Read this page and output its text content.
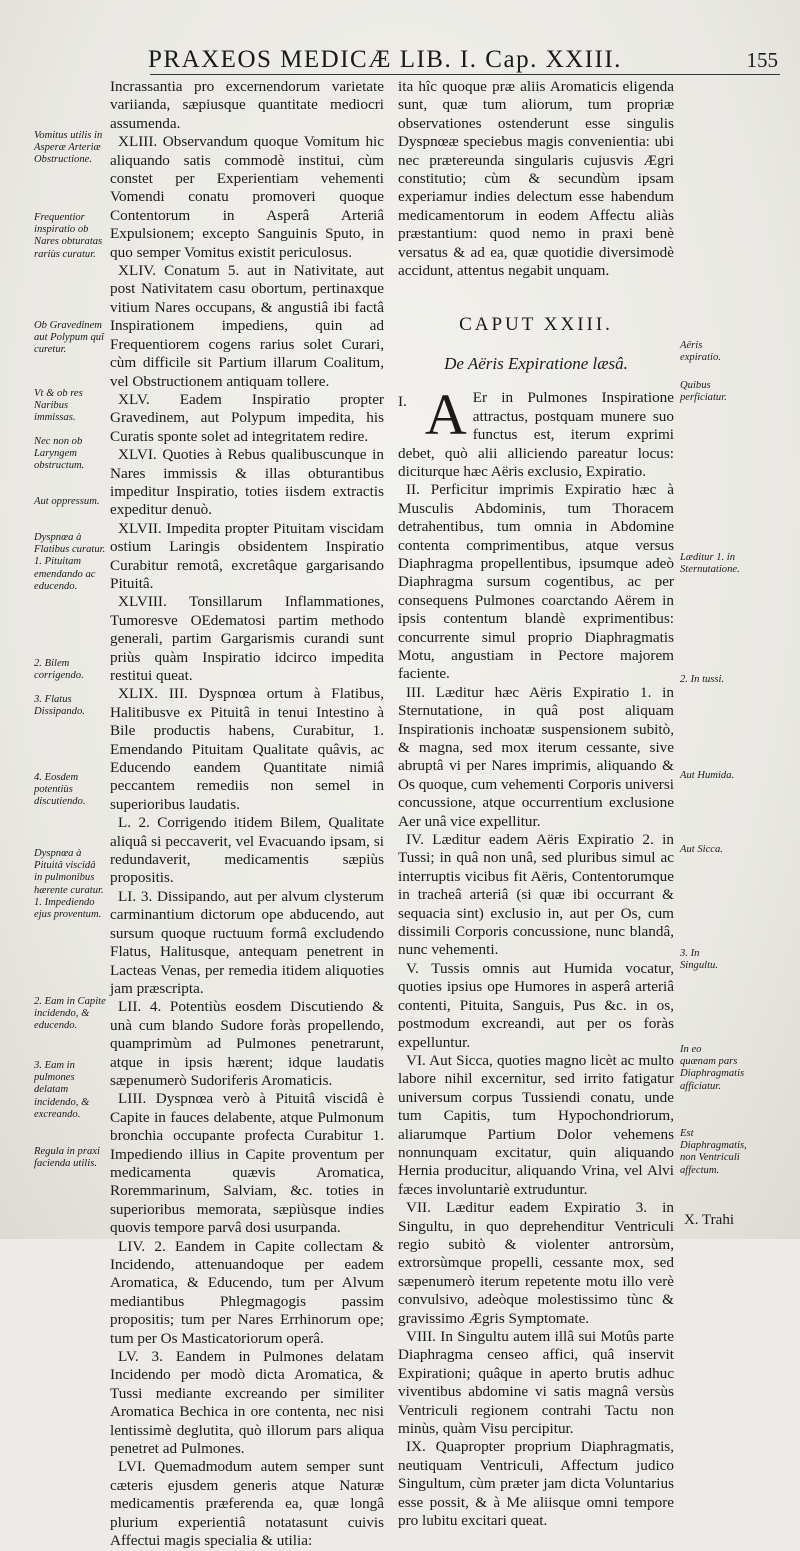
PRAXEOS MEDICÆ LIB. I. Cap. XXIII.	155
Vomitus utilis in Asperæ Arteriæ Obstructione.
Frequentior inspiratio ob Nares obturatas rariùs curatur.
Ob Gravedinem aut Polypum quî curetur.
Vt & ob res Naribus immissas.
Nec non ob Laryngem obstructum.
Aut oppressum.
Dyspnœa à Flatibus curatur. 1. Pituitam emendando ac educendo.
2. Bilem corrigendo.
3. Flatus Dissipando.
4. Eosdem potentiùs discutiendo.
Dyspnœa à Pituitâ viscidâ in pulmonibus hærente curatur. 1. Impediendo ejus proventum.
2. Eam in Capite incidendo, & educendo.
3. Eam in pulmones delatam incidendo, & excreando.
Regula in praxi facienda utilis.
Aëris expiratio.
Quibus perficiatur.
Læditur 1. in Sternutatione.
2. In tussi.
Aut Humida.
Aut Sicca.
3. In Singultu.
In eo quænam pars Diaphragmatis afficiatur.
Est Diaphragmatis, non Ventriculi affectum.

Incrassantia pro excernendorum varietate variianda, sæpiusque quantitate mediocri assumenda.

XLIII. Observandum quoque Vomitum hic aliquando satis commodè institui, cùm constet per Experientiam vehementi Vomendi conatu promoveri quoque Contentorum in Asperâ Arteriâ Expulsionem; excepto Sanguinis Sputo, in quo semper Vomitus existit periculosus.

XLIV. Conatum 5. aut in Nativitate, aut post Nativitatem casu obortum, pertinaxque vitium Nares occupans, & angustiâ ibi factâ Inspirationem impediens, quin ad Frequentiorem cogens rarius solet Curari, cùm difficile sit Partium illarum Coalitum, vel Obstructionem antiquam tollere.

XLV. Eadem Inspiratio propter Gravedinem, aut Polypum impedita, his Curatis sponte solet ad integritatem redire.

XLVI. Quoties à Rebus qualibuscunque in Nares immissis & illas obturantibus impeditur Inspiratio, toties iisdem extractis expeditur denuò.

XLVII. Impedita propter Pituitam viscidam ostium Laringis obsidentem Inspiratio Curabitur remotâ, excretâque gargarisando Pituitâ.

XLVIII. Tonsillarum Inflammationes, Tumoresve OEdematosi partim methodo generali, partim Gargarismis curandi sunt priùs quàm Inspiratio idcirco impedita restitui queat.

XLIX. III. Dyspnœa ortum à Flatibus, Halitibusve ex Pituitâ in tenui Intestino à Bile productis habens, Curabitur, 1. Emendando Pituitam Qualitate quâvis, ac Educendo eandem Quantitate nimiâ peccantem remediis non semel in superioribus laudatis.

L. 2. Corrigendo itidem Bilem, Qualitate aliquâ si peccaverit, vel Evacuando ipsam, si redundaverit, medicamentis sæpiùs propositis.

LI. 3. Dissipando, aut per alvum clysterum carminantium dictorum ope abducendo, aut sursum quoque ructuum formâ excludendo Flatus, Halitusque, antequam penetrent in Lacteas Venas, per remedia itidem aliquoties jam præscripta.

LII. 4. Potentiùs eosdem Discutiendo & unà cum blando Sudore foràs propellendo, quamprimùm ad Pulmones penetrarunt, atque in ipsis hærent; idque laudatis sæpenumerò Sudoriferis Aromaticis.

LIII. Dyspnœa verò à Pituitâ viscidâ è Capite in fauces delabente, atque Pulmonum bronchia occupante profecta Curabitur 1. Impediendo illius in Capite proventum per medicamenta quævis Aromatica, Roremmarinum, Salviam, &c. toties in superioribus memorata, sæpiùsque indies quovis tempore parvâ dosi usurpanda.

LIV. 2. Eandem in Capite collectam & Incidendo, attenuandoque per eadem Aromatica, & Educendo, tum per Alvum mediantibus Phlegmagogis passim propositis; tum per Nares Errhinorum ope; tum per Os Masticatoriorum operâ.

LV. 3. Eandem in Pulmones delatam Incidendo per modò dicta Aromatica, & Tussi mediante excreando per similiter Aromatica Bechica in ore contenta, nec nisi lentissimè deglutita, quò illorum pars aliqua penetret ad Pulmones.

LVI. Quemadmodum autem semper sunt cæteris ejusdem generis atque Naturæ medicamentis præferenda ea, quæ longâ plurium experientiâ notatasunt cuivis Affectui magis specialia & utilia:

ita hîc quoque præ aliis Aromaticis eligenda sunt, quæ tum aliorum, tum propriæ observationes ostenderunt esse singulis Dyspnœæ speciebus magis convenientia: ubi nec prætereunda singularis cujusvis Ægri constitutio; cùm & secundùm ipsam experiamur indies delectum esse habendum medicamentorum in eodem Affectu aliàs præstantium: quod nemo in praxi benè versatus & ad ea, quæ quotidie diversimodè accidunt, attentus negabit unquam.

CAPUT XXIII.
De Aëris Expiratione læsâ.

I. A Er in Pulmones Inspiratione attractus, postquam munere suo functus est, iterum exprimi debet, quò alii alliciendo pareatur locus: diciturque hæc Aëris exclusio, Expiratio.

II. Perficitur imprimis Expiratio hæc à Musculis Abdominis, tum Thoracem detrahentibus, tum omnia in Abdomine contenta comprimentibus, atque versus Diaphragma propellentibus, ipsumque adeò Diaphragma sursum cogentibus, ac per consequens Pulmones coarctando Aërem in ipsis contentum blandè exprimentibus: concurrente simul proprio Diaphragmatis Motu, angustiam in Pectore majorem faciente.

III. Læditur hæc Aëris Expiratio 1. in Sternutatione, in quâ post aliquam Inspirationis inchoatæ suspensionem subitò, & magna, sed mox iterum cessante, sive abruptâ vi per Nares imprimis, aliquando & Os quoque, cum vehementi Corporis universi concussione, atque occurrentium exclusione Aer unâ vice expellitur.

IV. Læditur eadem Aëris Expiratio 2. in Tussi; in quâ non unâ, sed pluribus simul ac interruptis vicibus fit Aëris, Contentorumque in tracheâ arteriâ (si quæ ibi occurrant & sequacia sint) exclusio in, aut per Os, cum dissimili Corporis concussione, nunc blandâ, nunc vehementi.

V. Tussis omnis aut Humida vocatur, quoties ipsius ope Humores in asperâ arteriâ contenti, Pituita, Sanguis, Pus &c. in os, postmodum excreandi, aut per os foràs expelluntur.

VI. Aut Sicca, quoties magno licèt ac multo labore nihil excernitur, sed irrito fatigatur universum corpus Tussiendi conatu, unde tum Capitis, tum Hypochondriorum, aliarumque Partium Dolor vehemens nonnunquam excitatur, quin aliquando Hernia producitur, aliquando Vrina, vel Alvi fæces involuntariè extruduntur.

VII. Læditur eadem Expiratio 3. in Singultu, in quo deprehenditur Ventriculi regio subitò & violenter antrorsùm, extrorsùmque propelli, cessante mox, sed sæpenumerò iterum repetente motu illo verè convulsivo, adeòque molestissimo tùnc & gravissimo Ægris Symptomate.

VIII. In Singultu autem illâ sui Motûs parte Diaphragma censeo affici, quâ inservit Expirationi; quâque in aperto brutis adhuc viventibus abdomine vi satis magnâ versùs Ventriculi regionem contrahi Tactu non minùs, quàm Visu percipitur.

IX. Quapropter proprium Diaphragmatis, neutiquam Ventriculi, Affectum judico Singultum, cùm præter jam dicta Voluntarius esse possit, & à Me aliisque omni tempore pro lubitu excitari queat.

X. Trahi
